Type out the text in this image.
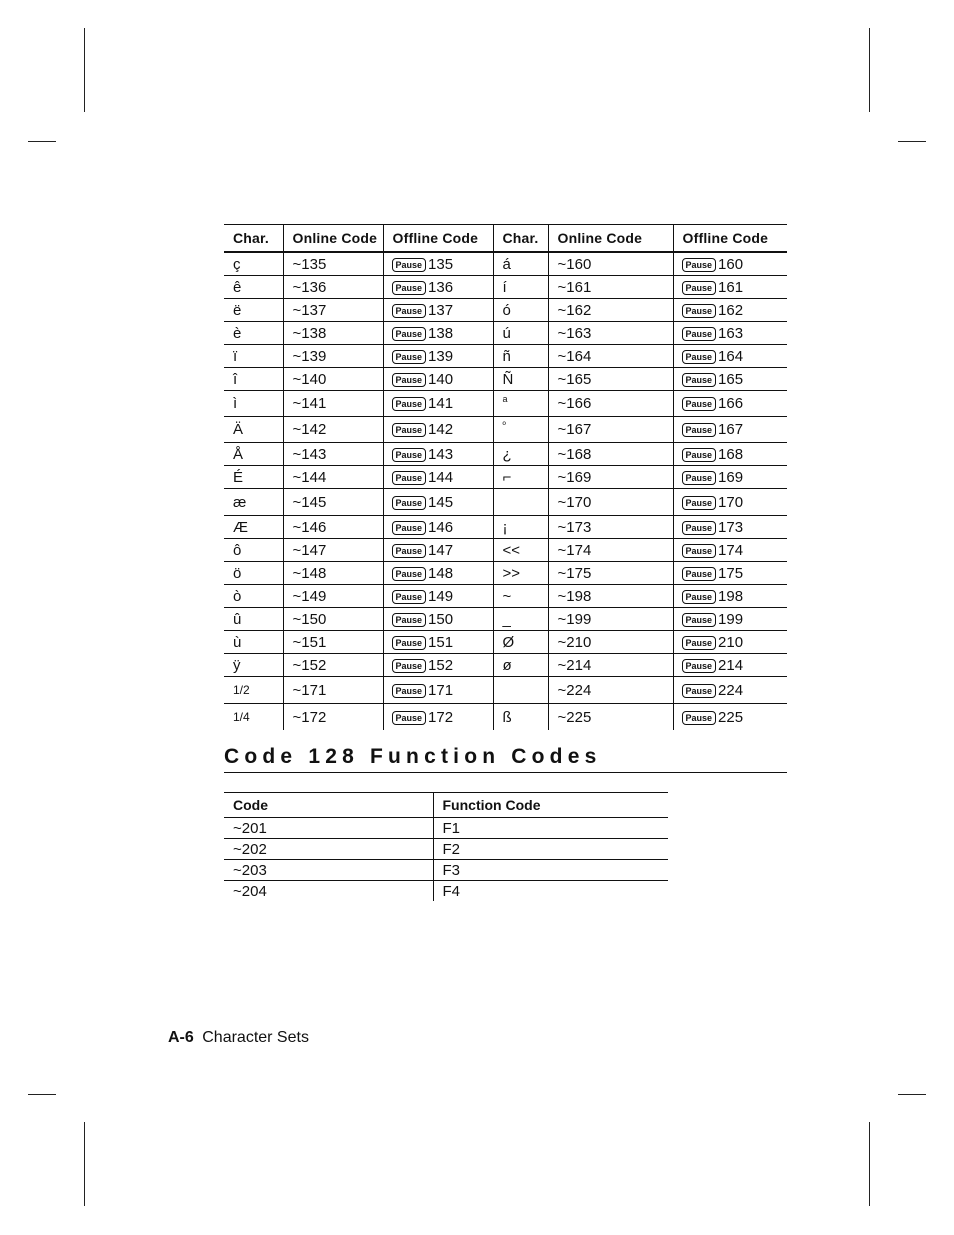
Char.	Online Code	Offline Code	Char.	Online Code	Offline Code
ç	~135	Pause 135	á	~160	Pause 160
ê	~136	Pause 136	í	~161	Pause 161
ë	~137	Pause 137	ó	~162	Pause 162
è	~138	Pause 138	ú	~163	Pause 163
ï	~139	Pause 139	ñ	~164	Pause 164
î	~140	Pause 140	Ñ	~165	Pause 165
ì	~141	Pause 141	a	~166	Pause 166
Ä	~142	Pause 142	º	~167	Pause 167
Å	~143	Pause 143	¿	~168	Pause 168
É	~144	Pause 144	⌐	~169	Pause 169
æ	~145	Pause 145		~170	Pause 170
Æ	~146	Pause 146	¡	~173	Pause 173
ô	~147	Pause 147	<<	~174	Pause 174
ö	~148	Pause 148	>>	~175	Pause 175
ò	~149	Pause 149	~	~198	Pause 198
û	~150	Pause 150	_	~199	Pause 199
ù	~151	Pause 151	Ø	~210	Pause 210
ÿ	~152	Pause 152	ø	~214	Pause 214
1/2	~171	Pause 171		~224	Pause 224
1/4	~172	Pause 172	ß	~225	Pause 225
Code 128 Function Codes
Code	Function Code
~201	F1
~202	F2
~203	F3
~204	F4
A-6 Character Sets
